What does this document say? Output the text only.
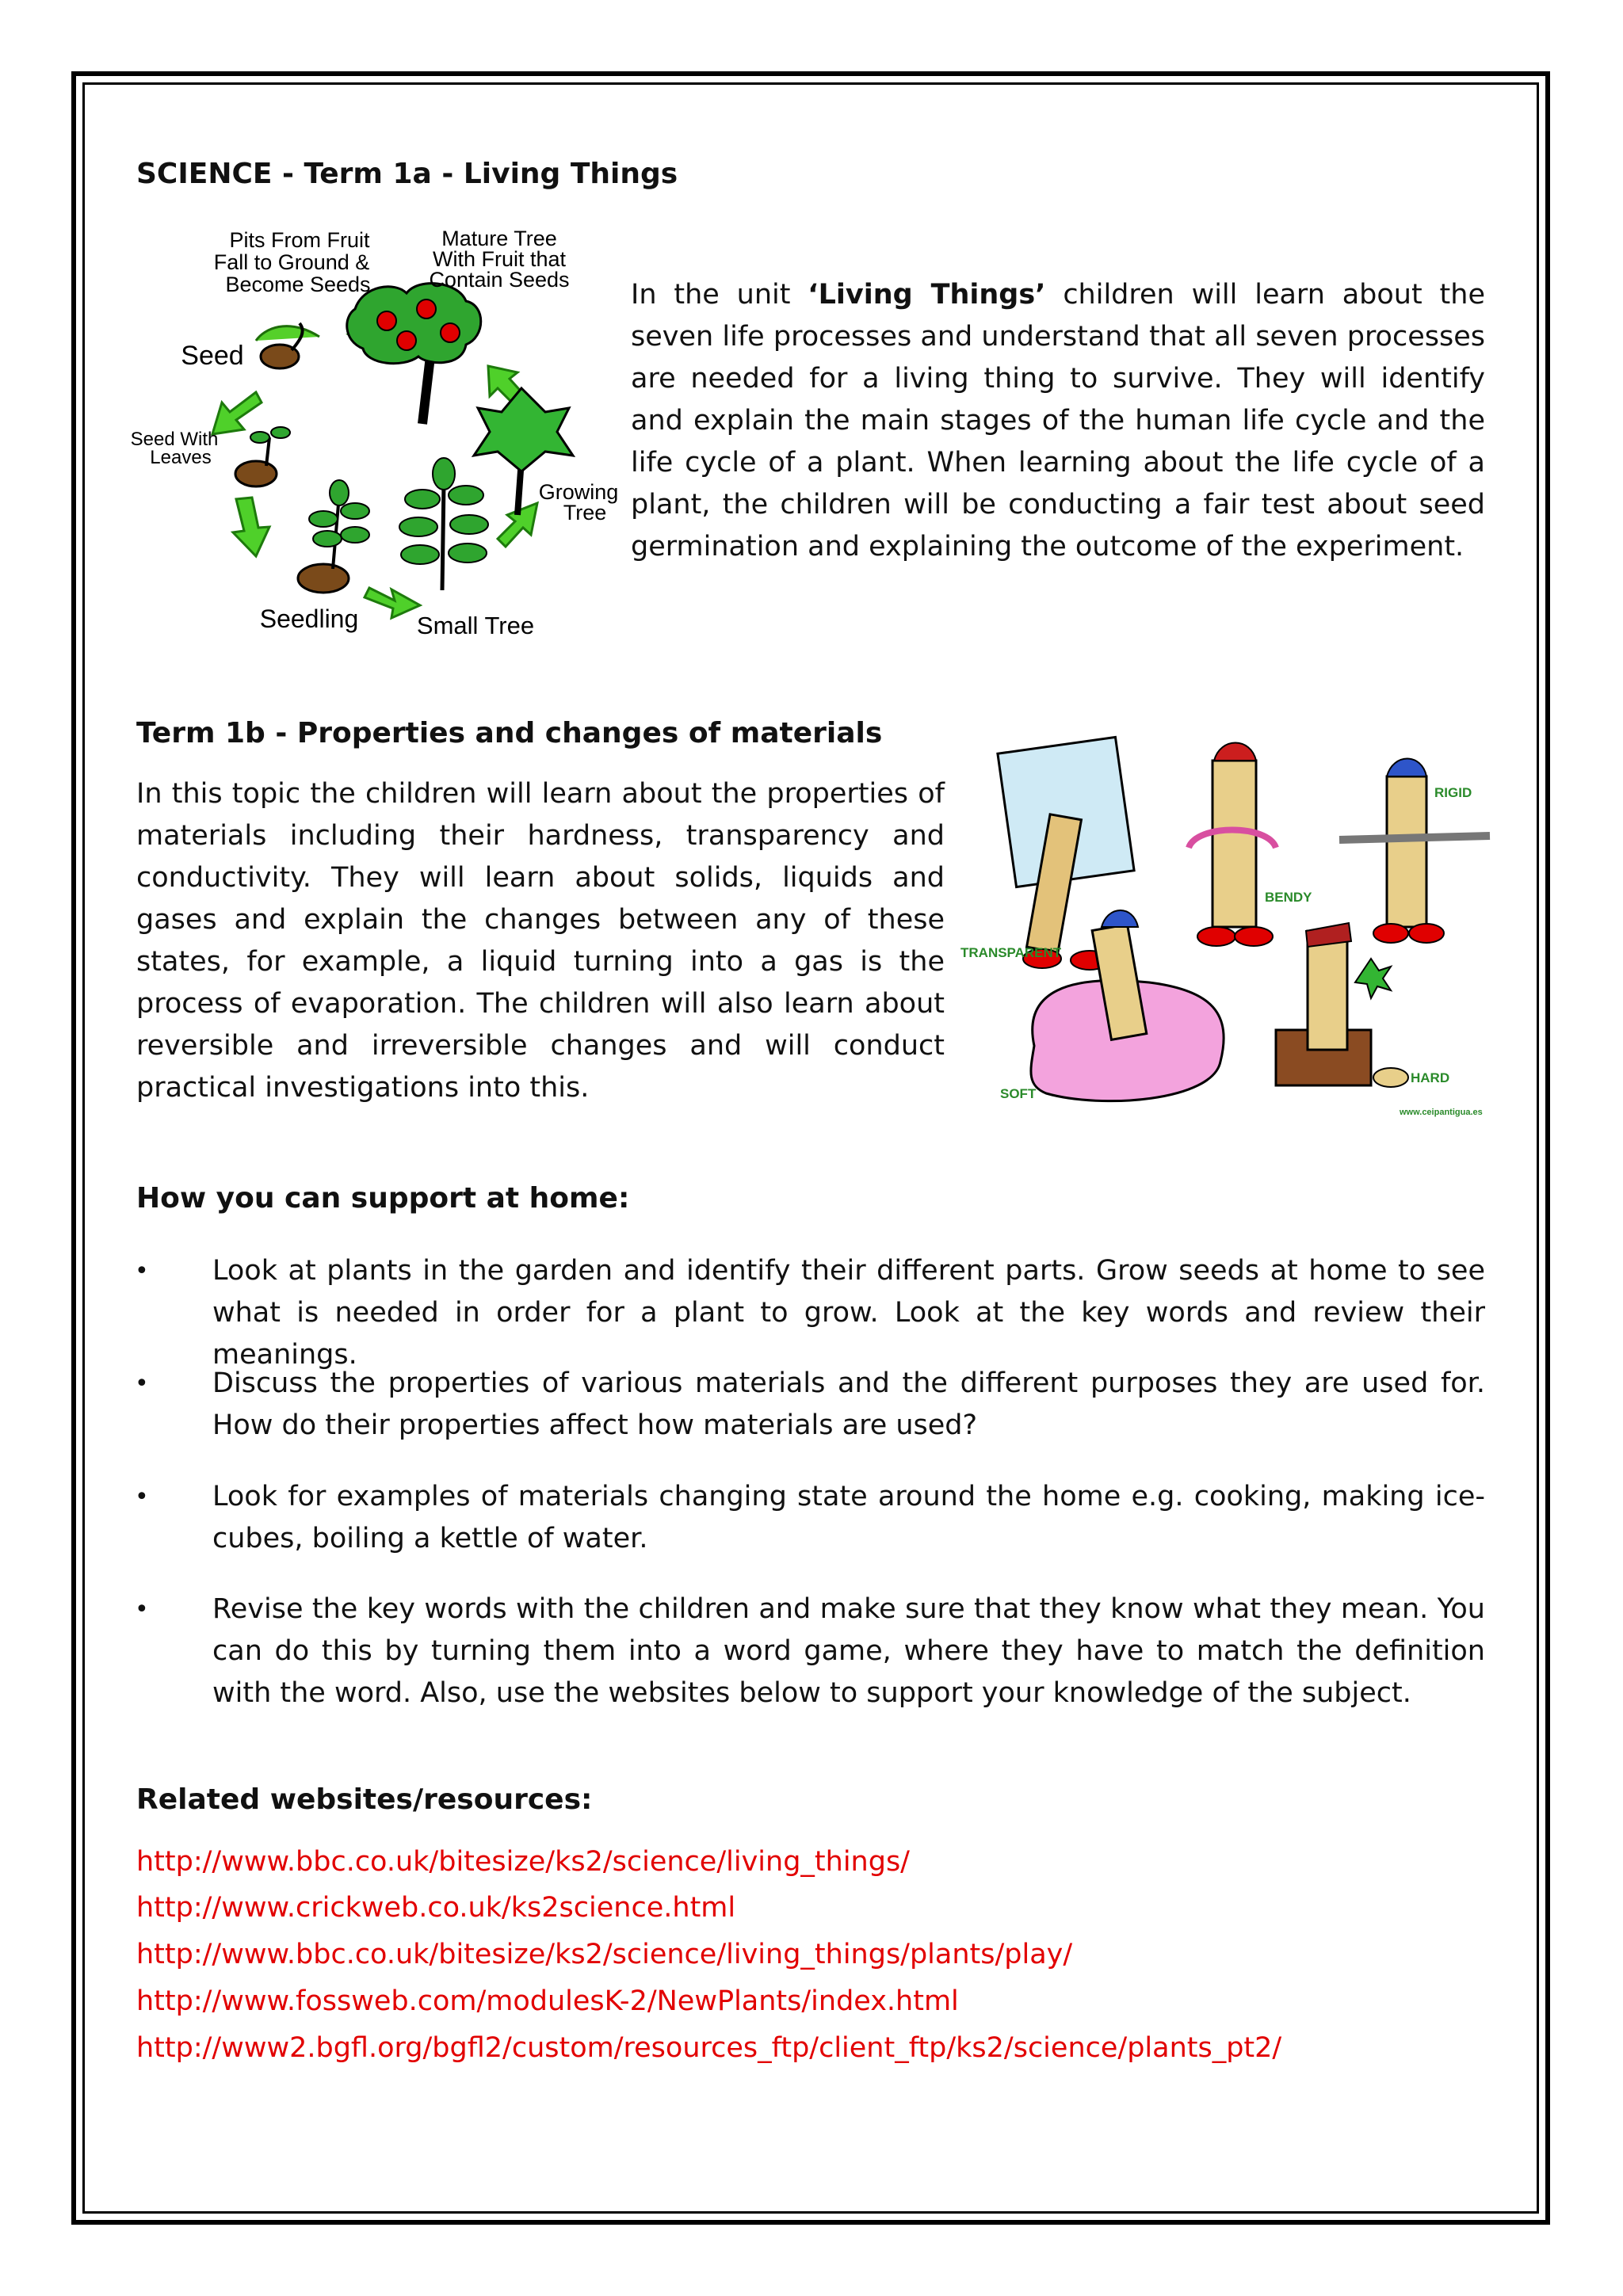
SCIENCE - Term 1a - Living Things
Pits From Fruit
Fall to Ground &
Become Seeds
Mature Tree
With Fruit that
Contain Seeds
Seed
Seed With
Leaves
Growing
Tree
Seedling Small Tree
In the unit ‘Living Things’ children will learn about the seven life processes and understand that all seven processes are needed for a living thing to survive. They will identify and explain the main stages of the human life cycle and the life cycle of a plant. When learning about the life cycle of a plant, the children will be conducting a fair test about seed germination and explaining the outcome of the experiment.
Term 1b - Properties and changes of materials
In this topic the children will learn about the properties of materials including their hardness, transparency and conductivity. They will learn about solids, liquids and gases and explain the changes between any of these states, for example, a liquid turning into a gas is the process of evaporation. The children will also learn about reversible and irreversible changes and will conduct practical investigations into this.
TRANSPARENT
BENDY
RIGID
SOFT
HARD
www.ceipantigua.es
How you can support at home:
• Look at plants in the garden and identify their different parts. Grow seeds at home to see what is needed in order for a plant to grow. Look at the key words and review their meanings.
• Discuss the properties of various materials and the different purposes they are used for. How do their properties affect how materials are used?
• Look for examples of materials changing state around the home e.g. cooking, making ice-cubes, boiling a kettle of water.
• Revise the key words with the children and make sure that they know what they mean. You can do this by turning them into a word game, where they have to match the definition with the word. Also, use the websites below to support your knowledge of the subject.
Related websites/resources:
http://www.bbc.co.uk/bitesize/ks2/science/living_things/
http://www.crickweb.co.uk/ks2science.html
http://www.bbc.co.uk/bitesize/ks2/science/living_things/plants/play/
http://www.fossweb.com/modulesK-2/NewPlants/index.html
http://www2.bgfl.org/bgfl2/custom/resources_ftp/client_ftp/ks2/science/plants_pt2/
